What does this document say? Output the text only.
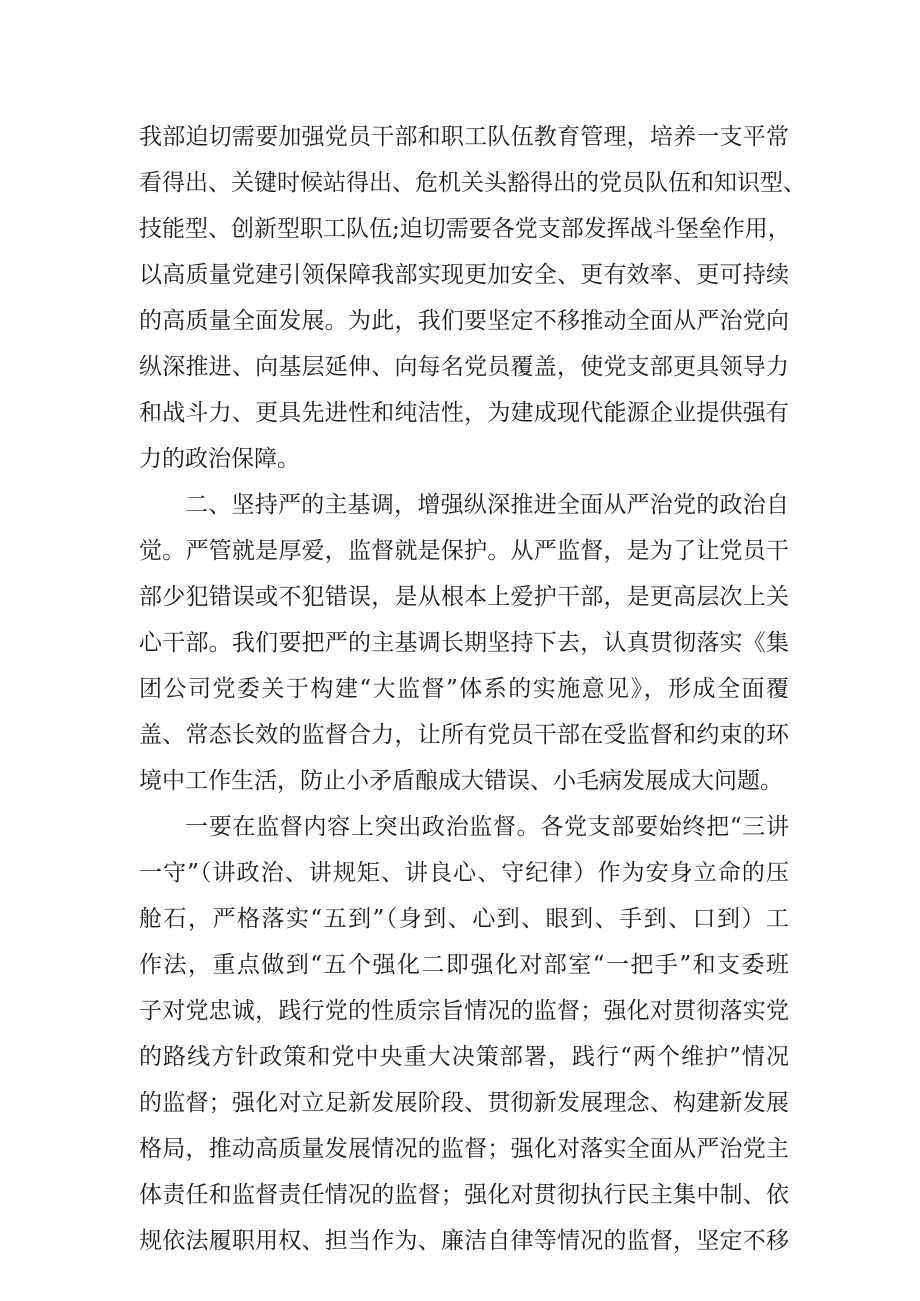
我部迫切需要加强党员干部和职工队伍教育管理，培养一支平常
看得出、关键时候站得出、危机关头豁得出的党员队伍和知识型、
技能型、创新型职工队伍;迫切需要各党支部发挥战斗堡垒作用，
以高质量党建引领保障我部实现更加安全、更有效率、更可持续
的高质量全面发展。为此，我们要坚定不移推动全面从严治党向
纵深推进、向基层延伸、向每名党员覆盖，使党支部更具领导力
和战斗力、更具先进性和纯洁性，为建成现代能源企业提供强有
力的政治保障。
二、坚持严的主基调，增强纵深推进全面从严治党的政治自
觉。严管就是厚爱，监督就是保护。从严监督，是为了让党员干
部少犯错误或不犯错误，是从根本上爱护干部，是更高层次上关
心干部。我们要把严的主基调长期坚持下去，认真贯彻落实《集
团公司党委关于构建“大监督”体系的实施意见》，形成全面覆
盖、常态长效的监督合力，让所有党员干部在受监督和约束的环
境中工作生活，防止小矛盾酿成大错误、小毛病发展成大问题。
一要在监督内容上突出政治监督。各党支部要始终把“三讲
一守”（讲政治、讲规矩、讲良心、守纪律）作为安身立命的压
舱石，严格落实“五到”（身到、心到、眼到、手到、口到）工
作法，重点做到“五个强化二即强化对部室“一把手”和支委班
子对党忠诚，践行党的性质宗旨情况的监督；强化对贯彻落实党
的路线方针政策和党中央重大决策部署，践行“两个维护”情况
的监督；强化对立足新发展阶段、贯彻新发展理念、构建新发展
格局，推动高质量发展情况的监督；强化对落实全面从严治党主
体责任和监督责任情况的监督；强化对贯彻执行民主集中制、依
规依法履职用权、担当作为、廉洁自律等情况的监督，坚定不移
